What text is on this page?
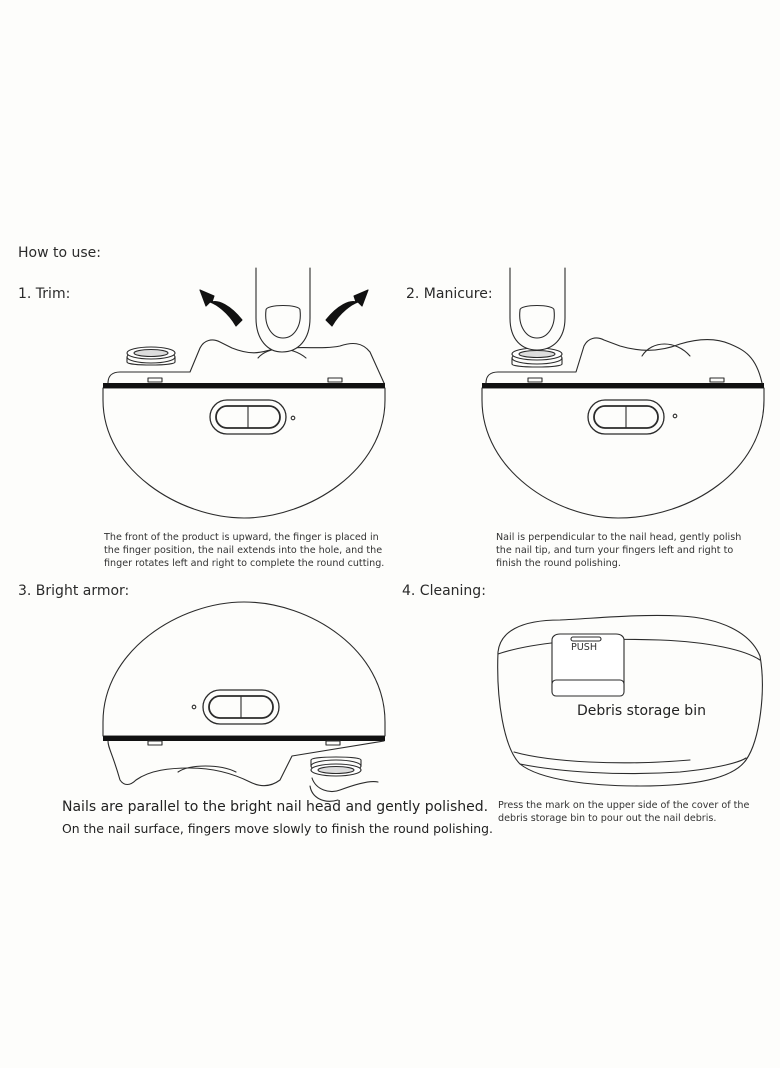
How to use:
1. Trim:	2. Manicure:
3. Bright armor:	4. Cleaning:
The front of the product is upward, the finger is placed in the finger position, the nail extends into the hole, and the finger rotates left and right to complete the round cutting.
Nail is perpendicular to the nail head, gently polish the nail tip, and turn your fingers left and right to finish the round polishing.
Nails are parallel to the bright nail head and gently polished.
On the nail surface, fingers move slowly to finish the round polishing.
Press the mark on the upper side of the cover of the debris storage bin to pour out the nail debris.
Debris storage bin
PUSH
